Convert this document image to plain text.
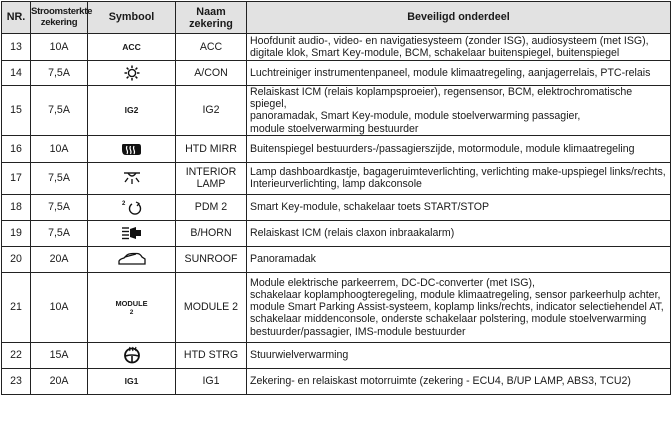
NR.	Stroomsterkte
zekering	Symbool	Naam
zekering	Beveiligd onderdeel
13	10A	ACC	ACC	Hoofdunit audio-, video- en navigatiesysteem (zonder ISG), audiosysteem (met ISG),
digitale klok, Smart Key-module, BCM, schakelaar buitenspiegel, buitenspiegel
14	7,5A		A/CON	Luchtreiniger instrumentenpaneel, module klimaatregeling, aanjagerrelais, PTC-relais
15	7,5A	IG2	IG2	Relaiskast ICM (relais koplampsproeier), regensensor, BCM, elektrochromatische spiegel,
panoramadak, Smart Key-module, module stoelverwarming passagier,
module stoelverwarming bestuurder
16	10A		HTD MIRR	Buitenspiegel bestuurders-/passagierszijde, motormodule, module klimaatregeling
17	7,5A		INTERIOR
LAMP	Lamp dashboardkastje, bagageruimteverlichting, verlichting make-upspiegel links/rechts,
Interieurverlichting, lamp dakconsole
18	7,5A	2	PDM 2	Smart Key-module, schakelaar toets START/STOP
19	7,5A		B/HORN	Relaiskast ICM (relais claxon inbraakalarm)
20	20A		SUNROOF	Panoramadak
21	10A	MODULE
2	MODULE 2	Module elektrische parkeerrem, DC-DC-converter (met ISG),
schakelaar koplamphoogteregeling, module klimaatregeling, sensor parkeerhulp achter,
module Smart Parking Assist-systeem, koplamp links/rechts, indicator selectiehendel AT,
schakelaar middenconsole, onderste schakelaar polstering, module stoelverwarming
bestuurder/passagier, IMS-module bestuurder
22	15A		HTD STRG	Stuurwielverwarming
23	20A	IG1	IG1	Zekering- en relaiskast motorruimte (zekering - ECU4, B/UP LAMP, ABS3, TCU2)
